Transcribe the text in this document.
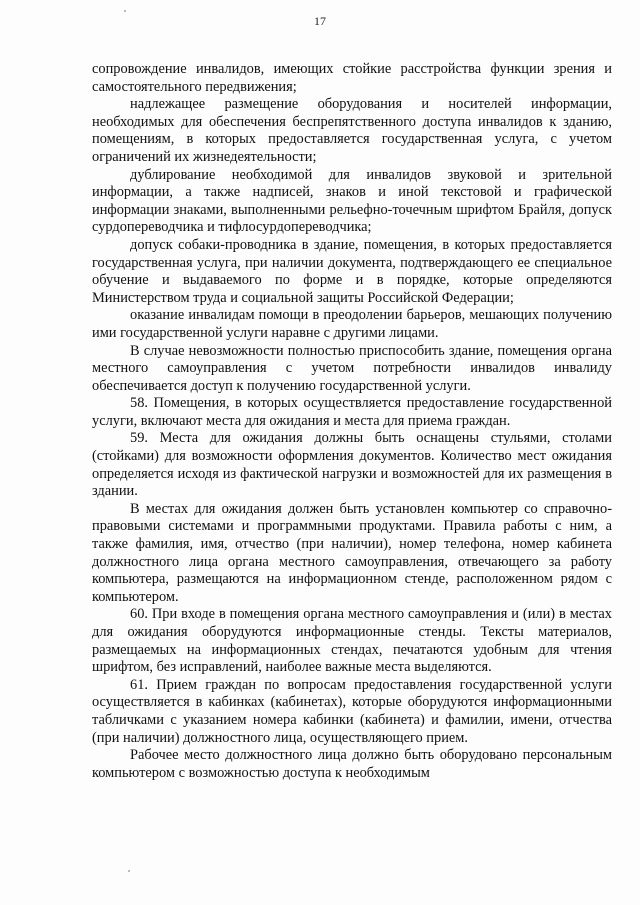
17

сопровождение инвалидов, имеющих стойкие расстройства функции зрения и самостоятельного передвижения;

надлежащее размещение оборудования и носителей информации, необходимых для обеспечения беспрепятственного доступа инвалидов к зданию, помещениям, в которых предоставляется государственная услуга, с учетом ограничений их жизнедеятельности;

дублирование необходимой для инвалидов звуковой и зрительной информации, а также надписей, знаков и иной текстовой и графической информации знаками, выполненными рельефно-точечным шрифтом Брайля, допуск сурдопереводчика и тифлосурдопереводчика;

допуск собаки-проводника в здание, помещения, в которых предоставляется государственная услуга, при наличии документа, подтверждающего ее специальное обучение и выдаваемого по форме и в порядке, которые определяются Министерством труда и социальной защиты Российской Федерации;

оказание инвалидам помощи в преодолении барьеров, мешающих получению ими государственной услуги наравне с другими лицами.

В случае невозможности полностью приспособить здание, помещения органа местного самоуправления с учетом потребности инвалидов инвалиду обеспечивается доступ к получению государственной услуги.

58. Помещения, в которых осуществляется предоставление государственной услуги, включают места для ожидания и места для приема граждан.

59. Места для ожидания должны быть оснащены стульями, столами (стойками) для возможности оформления документов. Количество мест ожидания определяется исходя из фактической нагрузки и возможностей для их размещения в здании.

В местах для ожидания должен быть установлен компьютер со справочно-правовыми системами и программными продуктами. Правила работы с ним, а также фамилия, имя, отчество (при наличии), номер телефона, номер кабинета должностного лица органа местного самоуправления, отвечающего за работу компьютера, размещаются на информационном стенде, расположенном рядом с компьютером.

60. При входе в помещения органа местного самоуправления и (или) в местах для ожидания оборудуются информационные стенды. Тексты материалов, размещаемых на информационных стендах, печатаются удобным для чтения шрифтом, без исправлений, наиболее важные места выделяются.

61. Прием граждан по вопросам предоставления государственной услуги осуществляется в кабинках (кабинетах), которые оборудуются информационными табличками с указанием номера кабинки (кабинета) и фамилии, имени, отчества (при наличии) должностного лица, осуществляющего прием.

Рабочее место должностного лица должно быть оборудовано персональным компьютером с возможностью доступа к необходимым
